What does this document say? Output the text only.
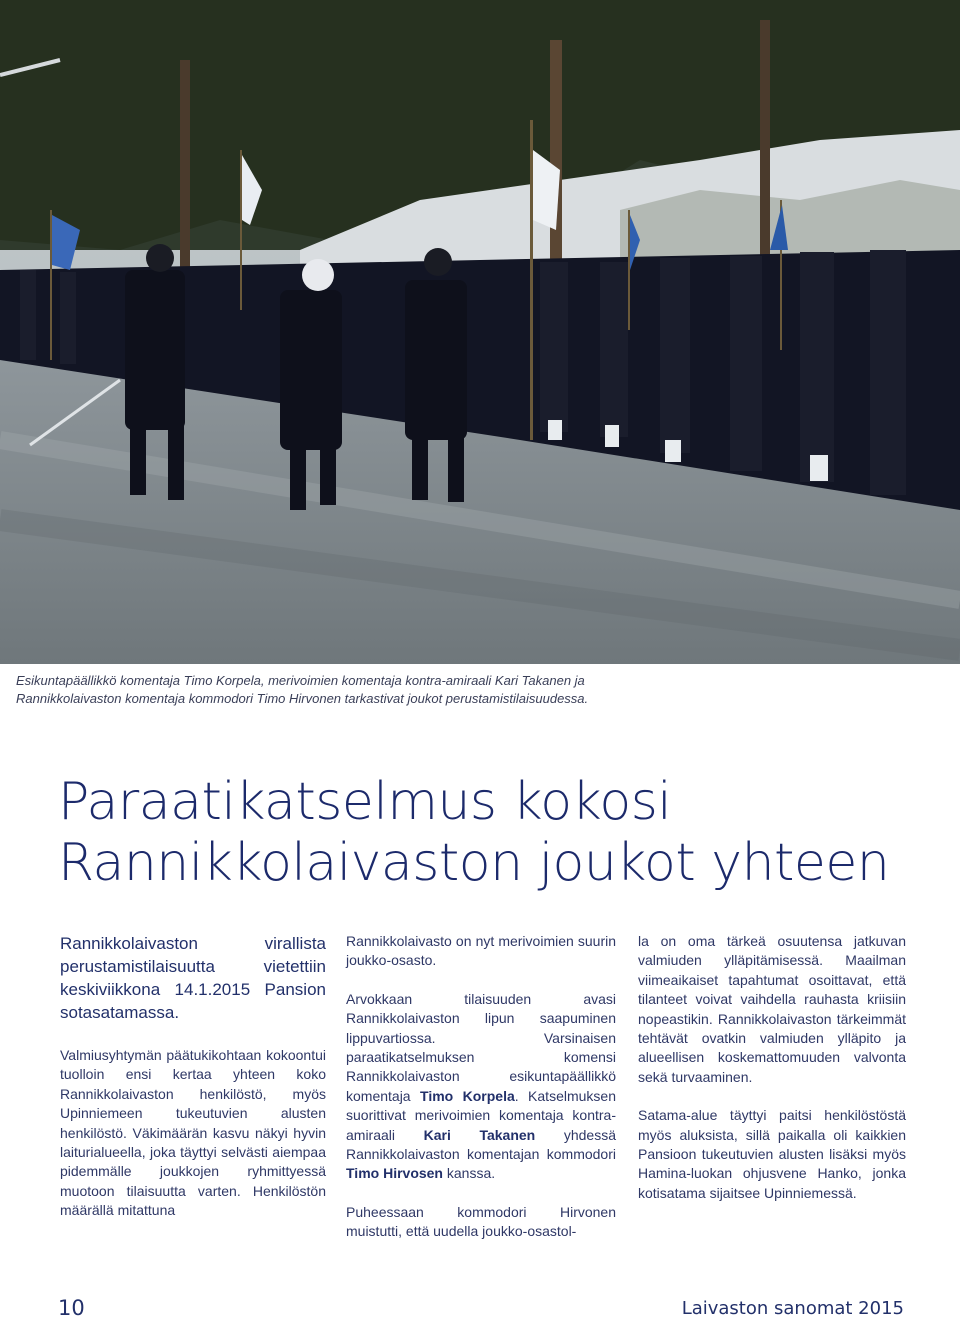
Esikuntapäällikkö komentaja Timo Korpela, merivoimien komentaja kontra-amiraali Kari Takanen ja
Rannikkolaivaston komentaja kommodori Timo Hirvonen tarkastivat joukot perustamistilaisuudessa.
Paraatikatselmus kokosi
Rannikkolaivaston joukot yhteen

Rannikkolaivaston virallista perustamistilaisuutta vietettiin keskiviikkona 14.1.2015 Pansion sotasatamassa.

Valmiusyhtymän päätukikohtaan kokoontui tuolloin ensi kertaa yhteen koko Rannikkolaivaston henkilöstö, myös Upinniemeen tukeutuvien alusten henkilöstö. Väkimäärän kasvu näkyi hyvin laiturialueella, joka täyttyi selvästi aiempaa pidemmälle joukkojen ryhmittyessä muotoon tilaisuutta varten. Henkilöstön määrällä mitattuna

Rannikkolaivasto on nyt merivoimien suurin joukko-osasto.

Arvokkaan tilaisuuden avasi Rannikkolaivaston lipun saapuminen lippuvartiossa. Varsinaisen paraatikatselmuksen komensi Rannikkolaivaston esikuntapäällikkö komentaja Timo Korpela. Katselmuksen suorittivat merivoimien komentaja kontra-amiraali Kari Takanen yhdessä Rannikkolaivaston komentajan kommodori Timo Hirvosen kanssa.

Puheessaan kommodori Hirvonen muistutti, että uudella joukko-osastol-

la on oma tärkeä osuutensa jatkuvan valmiuden ylläpitämisessä. Maailman viimeaikaiset tapahtumat osoittavat, että tilanteet voivat vaihdella rauhasta kriisiin nopeastikin. Rannikkolaivaston tärkeimmät tehtävät ovatkin valmiuden ylläpito ja alueellisen koskemattomuuden valvonta sekä turvaaminen.

Satama-alue täyttyi paitsi henkilöstöstä myös aluksista, sillä paikalla oli kaikkien Pansioon tukeutuvien alusten lisäksi myös Hamina-luokan ohjusvene Hanko, jonka kotisatama sijaitsee Upinniemessä.

10	Laivaston sanomat 2015
